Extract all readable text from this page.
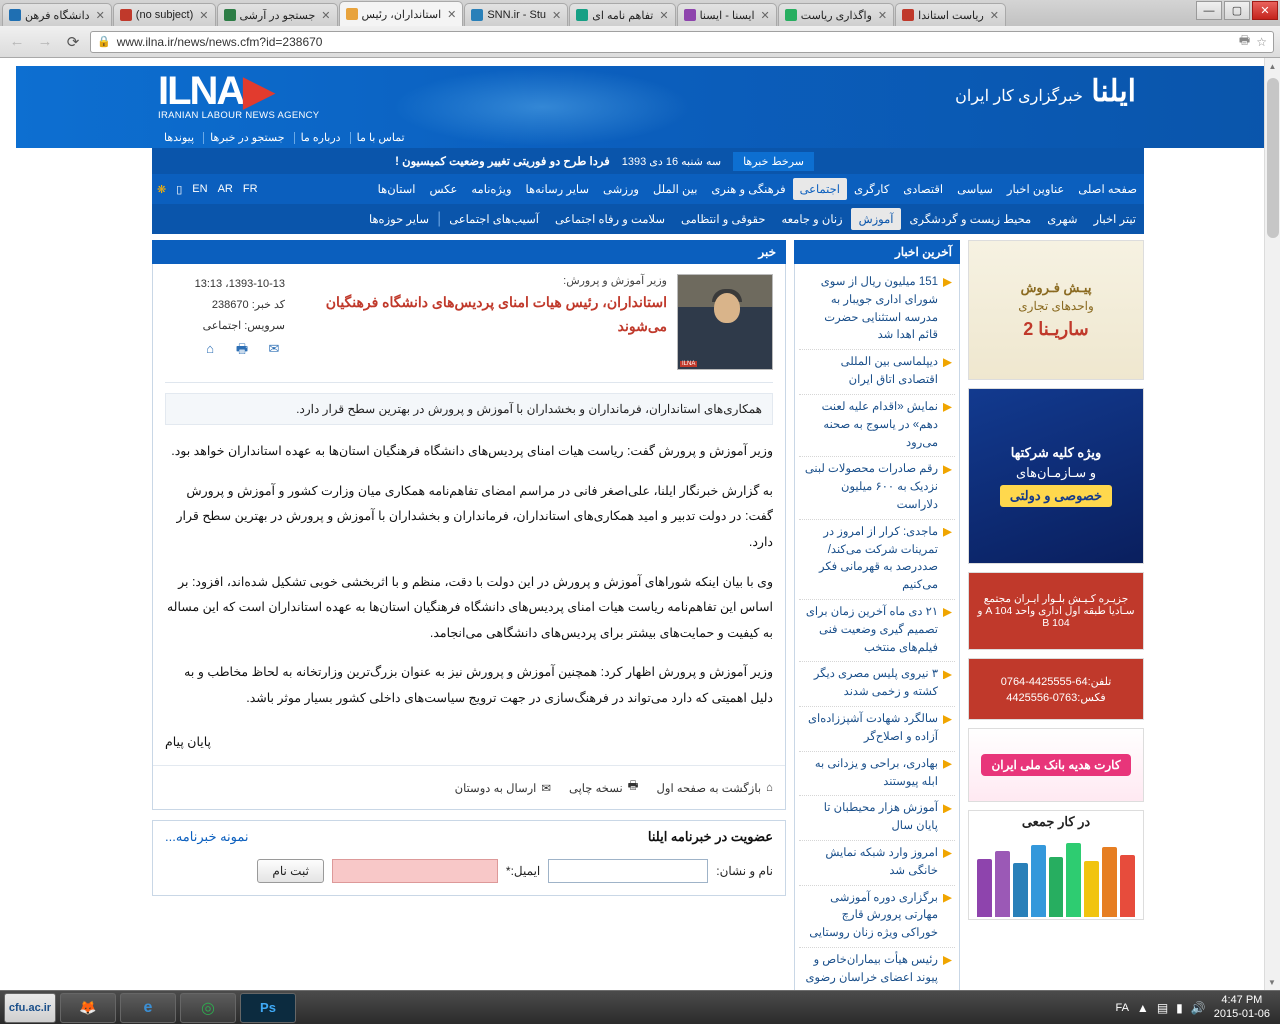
دانشگاه فرهن ✕	(no subject) ✕	جستجو در آرشی ✕	استانداران، رئیس ✕	SNN.ir - Stu ✕	تفاهم نامه ای ✕	ایسنا - ایسنا ✕	واگذاری ریاست ✕	ریاست استاندا ✕	—	▢	✕
← → ⟳	🔒 www.ilna.ir/news/news.cfm?id=238670	🖶 ☆
ایلنا خبرگزاری کار ایران
ILNA▶
IRANIAN LABOUR NEWS AGENCY
تماس با ما درباره ما جستجو در خبرها پیوندها
سرخط خبرها
سه شنبه 16 دی 1393
فردا طرح دو فوریتی تغییر وضعیت کمیسیون !
صفحه اصلی
عناوین اخبار
سیاسی
اقتصادی
کارگری
اجتماعی
فرهنگی و هنری
بین الملل
ورزشی
سایر رسانه‌ها
ویژه‌نامه
عکس
استان‌ها
FR
AR
EN
▯
❋
تیتر اخبار
شهری
محیط زیست و گردشگری
آموزش
زنان و جامعه
حقوقی و انتظامی
سلامت و رفاه اجتماعی
آسیب‌های اجتماعی
|
سایر حوزه‌ها
پیـش فـروش
واحدهای تجاری
ساریـنا 2
ویژه کلیه شرکتها
و سـازمـان‌های
خصوصی و دولتی
جزیـره کـیـش بلـوار ایـران مجتمع سـادیا طبقه اول اداری واحد A 104 و B 104
تلفن:64-4425555-0764
فکس:0763-4425556
کارت هدیه بانک ملی ایران
در کار جمعی
آخرین اخبار
151 میلیون ریال از سوی شورای اداری جویبار به مدرسه استثنایی حضرت قائم اهدا شد
دیپلماسی بین المللی اقتصادی اتاق ایران
نمایش «اقدام علیه لعنت دهم» در یاسوج به صحنه می‌رود
رقم صادرات محصولات لبنی نزدیک به ۶۰۰ میلیون دلاراست
ماجدی: کرار از امروز در تمرینات شرکت می‌کند/ صددرصد به قهرمانی فکر می‌کنیم
۲۱ دی ماه آخرین زمان برای تصمیم گیری وضعیت فنی فیلم‌های منتخب
۳ نیروی پلیس مصری دیگر کشته و زخمی شدند
سالگرد شهادت آشپززاده‌ای آزاده و اصلاح‌گر
بهادری، براحی و یزدانی به ابله پیوستند
آموزش هزار محیطبان تا پایان سال
امروز وارد شبکه نمایش خانگی شد
برگزاری دوره آموزشی مهارتی پرورش قارچ خوراکی ویژه زنان روستایی
رئیس هیأت بیماران‌خاص و پیوند اعضای خراسان رضوی
خبر
ILNA
وزیر آموزش و پرورش:
استانداران، رئیس هیات امنای پردیس‌های دانشگاه فرهنگیان می‌شوند
1393-10-13، 13:13
کد خبر: 238670
سرویس: اجتماعی
✉
🖶
⌂
همکاری‌های استانداران، فرمانداران و بخشداران با آموزش و پرورش در بهترین سطح قرار دارد.

وزیر آموزش و پرورش گفت: ریاست هیات امنای پردیس‌های دانشگاه فرهنگیان استان‌ها به عهده استانداران خواهد بود.

به گزارش خبرنگار ایلنا، علی‌اصغر فانی در مراسم امضای تفاهم‌نامه همکاری میان وزارت کشور و آموزش و پرورش گفت: در دولت تدبیر و امید همکاری‌های استانداران، فرمانداران و بخشداران با آموزش و پرورش در بهترین سطح قرار دارد.

وی با بیان اینکه شوراهای آموزش و پرورش در این دولت با دقت، منظم و با اثربخشی خوبی تشکیل شده‌اند، افزود: بر اساس این تفاهم‌نامه ریاست هیات امنای پردیس‌های دانشگاه فرهنگیان استان‌ها به عهده استانداران است که این مساله به کیفیت و حمایت‌های بیشتر برای پردیس‌های دانشگاهی می‌انجامد.

وزیر آموزش و پرورش اظهار کرد: همچنین آموزش و پرورش نیز به عنوان بزرگ‌ترین وزارتخانه به لحاظ مخاطب و به دلیل اهمیتی که دارد می‌تواند در فرهنگ‌سازی در جهت ترویج سیاست‌های داخلی کشور بسیار موثر باشد.

پایان پیام

⌂
بازگشت به صفحه اول
🖶
نسخه چاپی
✉
ارسال به دوستان
عضویت در خبرنامه ایلنا
نمونه خبرنامه...
نام و نشان:
ایمیل:*
ثبت نام
▲
▼
cfu.ac.ir	🦊	e	◎	Ps	FA ▲ ▤ ▮ 🔊
4:47 PM
2015-01-06
